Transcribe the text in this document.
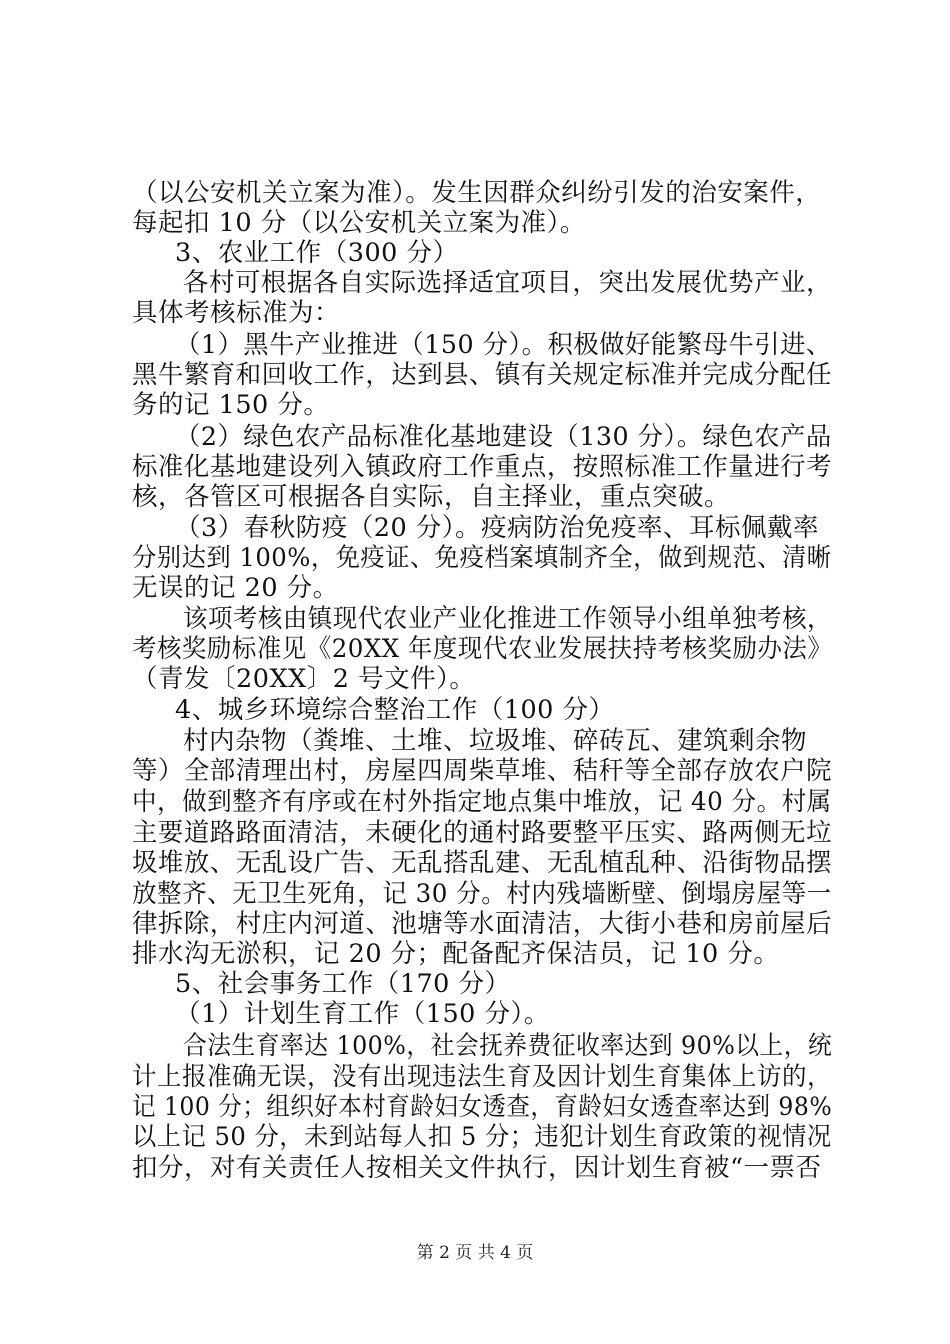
（以公安机关立案为准）。发生因群众纠纷引发的治安案件，
每起扣 10 分（以公安机关立案为准）。
3、农业工作（300 分）
各村可根据各自实际选择适宜项目，突出发展优势产业，
具体考核标准为：
（1）黑牛产业推进（150 分）。积极做好能繁母牛引进、
黑牛繁育和回收工作，达到县、镇有关规定标准并完成分配任
务的记 150 分。
（2）绿色农产品标准化基地建设（130 分）。绿色农产品
标准化基地建设列入镇政府工作重点，按照标准工作量进行考
核，各管区可根据各自实际，自主择业，重点突破。
（3）春秋防疫（20 分）。疫病防治免疫率、耳标佩戴率
分别达到 100%，免疫证、免疫档案填制齐全，做到规范、清晰
无误的记 20 分。
该项考核由镇现代农业产业化推进工作领导小组单独考核，
考核奖励标准见《20XX 年度现代农业发展扶持考核奖励办法》
（青发〔20XX〕2 号文件）。
4、城乡环境综合整治工作（100 分）
村内杂物（粪堆、土堆、垃圾堆、碎砖瓦、建筑剩余物
等）全部清理出村，房屋四周柴草堆、秸秆等全部存放农户院
中，做到整齐有序或在村外指定地点集中堆放，记 40 分。村属
主要道路路面清洁，未硬化的通村路要整平压实、路两侧无垃
圾堆放、无乱设广告、无乱搭乱建、无乱植乱种、沿街物品摆
放整齐、无卫生死角，记 30 分。村内残墙断壁、倒塌房屋等一
律拆除，村庄内河道、池塘等水面清洁，大街小巷和房前屋后
排水沟无淤积，记 20 分；配备配齐保洁员，记 10 分。
5、社会事务工作（170 分）
（1）计划生育工作（150 分）。
合法生育率达 100%，社会抚养费征收率达到 90%以上，统
计上报准确无误，没有出现违法生育及因计划生育集体上访的，
记 100 分；组织好本村育龄妇女透查，育龄妇女透查率达到 98%
以上记 50 分，未到站每人扣 5 分；违犯计划生育政策的视情况
扣分，对有关责任人按相关文件执行，因计划生育被“一票否
第 2 页 共 4 页
